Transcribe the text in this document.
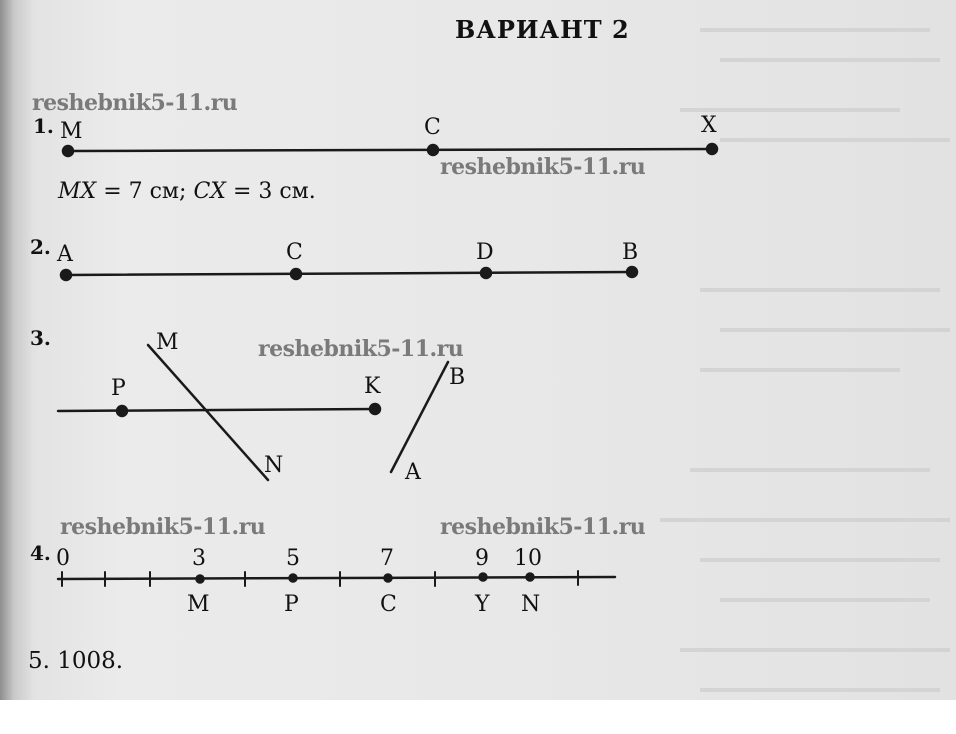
ВАРИАНТ 2
reshebnik5-11.ru
reshebnik5-11.ru
reshebnik5-11.ru
reshebnik5-11.ru	reshebnik5-11.ru
1. M	C	X
MX = 7 см; CX = 3 см.
2. A	C	D	B
3.	M
N
P	K	B
A
4. 0	3	5	7	9 10
M	P	C	Y N
5. 1008.
